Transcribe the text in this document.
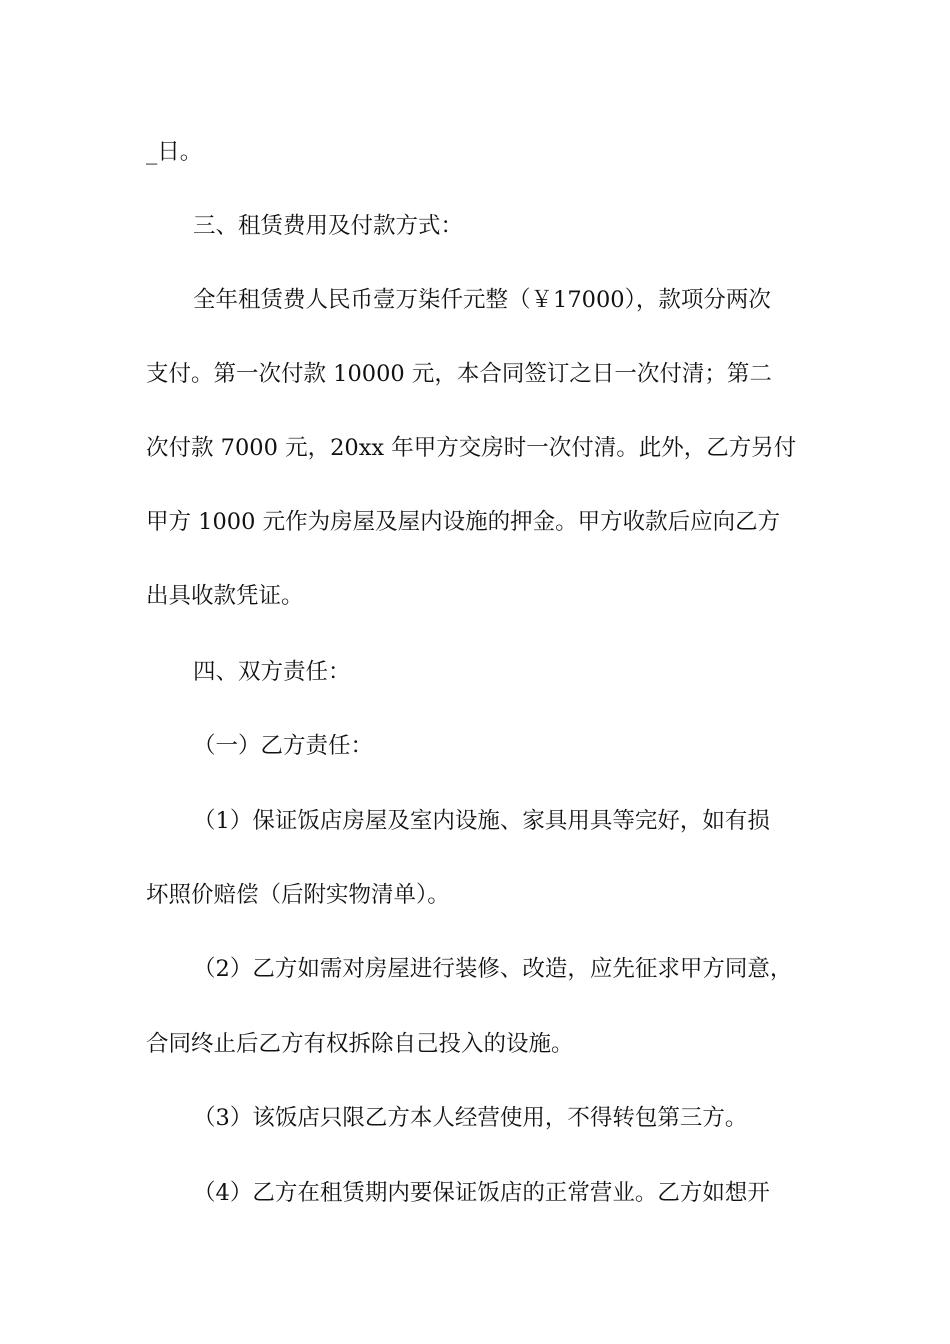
_日。
三、租赁费用及付款方式：
全年租赁费人民币壹万柒仟元整（￥17000），款项分两次
支付。第一次付款 10000 元，本合同签订之日一次付清；第二
次付款 7000 元，20xx 年甲方交房时一次付清。此外，乙方另付
甲方 1000 元作为房屋及屋内设施的押金。甲方收款后应向乙方
出具收款凭证。
四、双方责任：
（一）乙方责任：
（1）保证饭店房屋及室内设施、家具用具等完好，如有损
坏照价赔偿（后附实物清单）。
（2）乙方如需对房屋进行装修、改造，应先征求甲方同意，
合同终止后乙方有权拆除自己投入的设施。
（3）该饭店只限乙方本人经营使用，不得转包第三方。
（4）乙方在租赁期内要保证饭店的正常营业。乙方如想开
